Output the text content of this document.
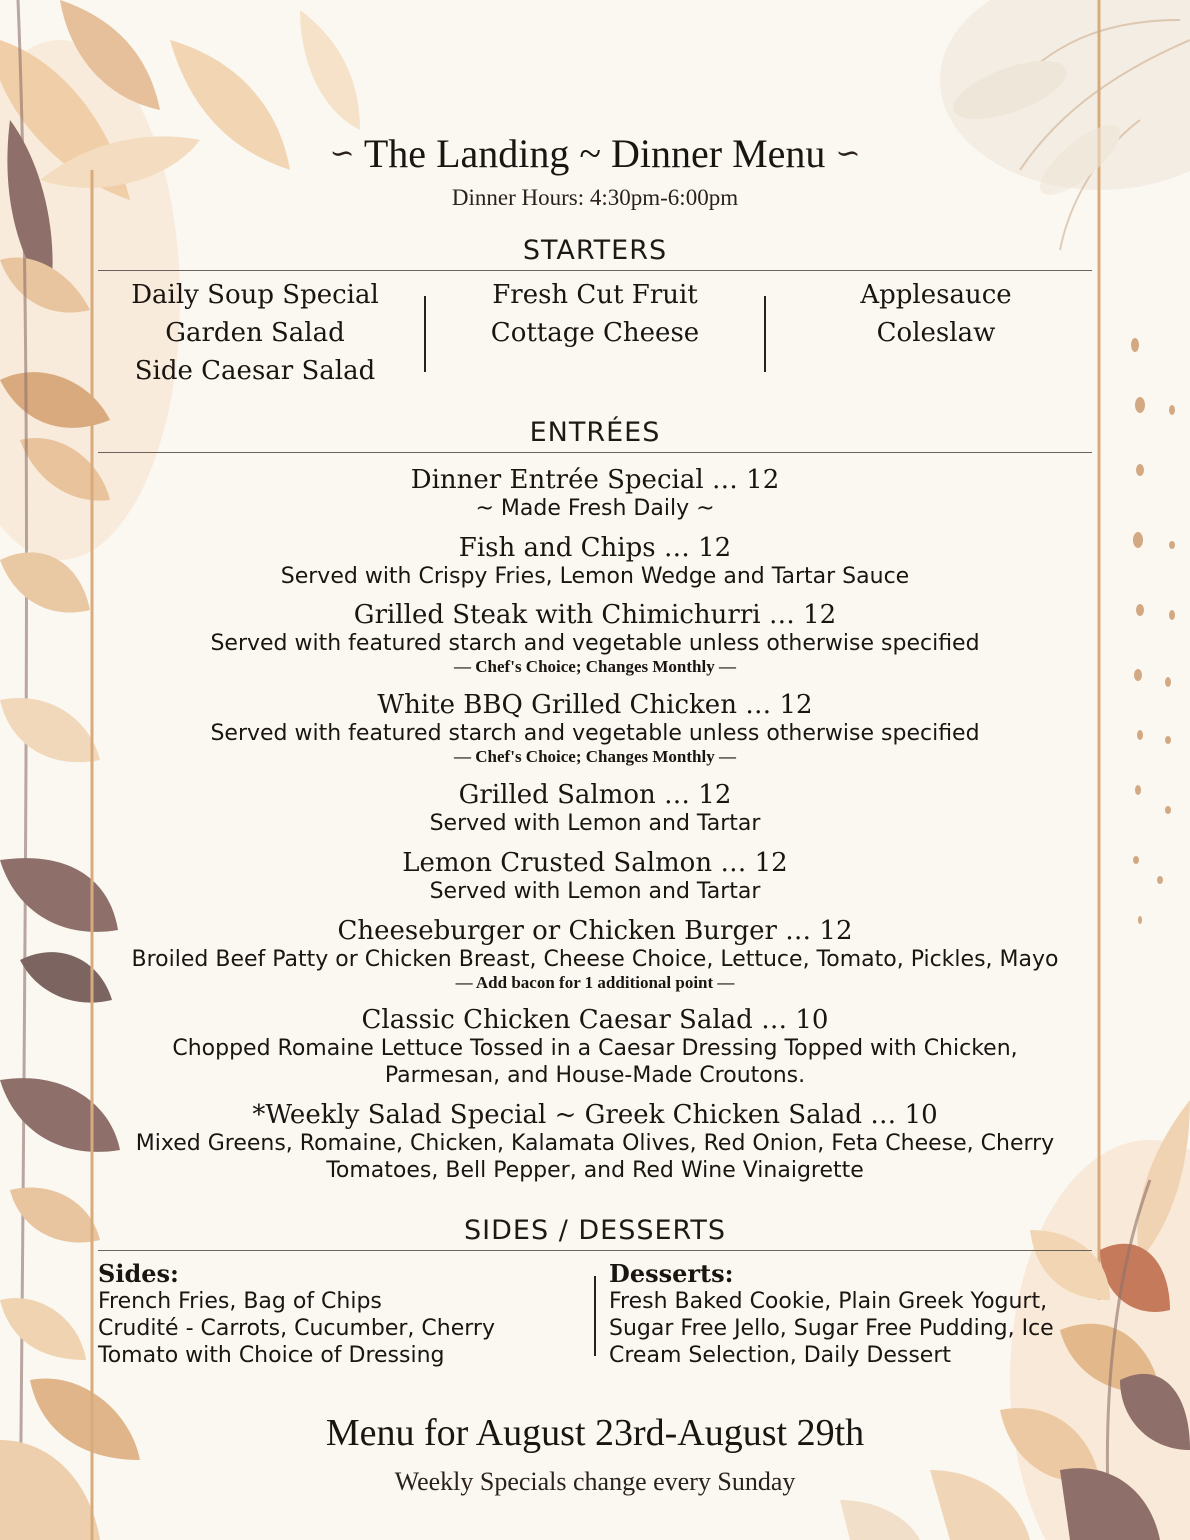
∽ The Landing ~ Dinner Menu ∽
Dinner Hours: 4:30pm-6:00pm
STARTERS
Daily Soup Special
Garden Salad
Side Caesar Salad
Fresh Cut Fruit
Cottage Cheese
Applesauce
Coleslaw
ENTRÉES
Dinner Entrée Special … 12
~ Made Fresh Daily ~
Fish and Chips … 12
Served with Crispy Fries, Lemon Wedge and Tartar Sauce
Grilled Steak with Chimichurri … 12
Served with featured starch and vegetable unless otherwise specified
— Chef's Choice; Changes Monthly —
White BBQ Grilled Chicken … 12
Served with featured starch and vegetable unless otherwise specified
— Chef's Choice; Changes Monthly —
Grilled Salmon … 12
Served with Lemon and Tartar
Lemon Crusted Salmon … 12
Served with Lemon and Tartar
Cheeseburger or Chicken Burger … 12
Broiled Beef Patty or Chicken Breast, Cheese Choice, Lettuce, Tomato, Pickles, Mayo
— Add bacon for 1 additional point —
Classic Chicken Caesar Salad … 10
Chopped Romaine Lettuce Tossed in a Caesar Dressing Topped with Chicken,
Parmesan, and House-Made Croutons.
*Weekly Salad Special ~ Greek Chicken Salad … 10
Mixed Greens, Romaine, Chicken, Kalamata Olives, Red Onion, Feta Cheese, Cherry
Tomatoes, Bell Pepper, and Red Wine Vinaigrette
SIDES / DESSERTS
Sides:
French Fries, Bag of Chips
Crudité - Carrots, Cucumber, Cherry
Tomato with Choice of Dressing
Desserts:
Fresh Baked Cookie, Plain Greek Yogurt,
Sugar Free Jello, Sugar Free Pudding, Ice
Cream Selection, Daily Dessert
Menu for August 23rd-August 29th
Weekly Specials change every Sunday
